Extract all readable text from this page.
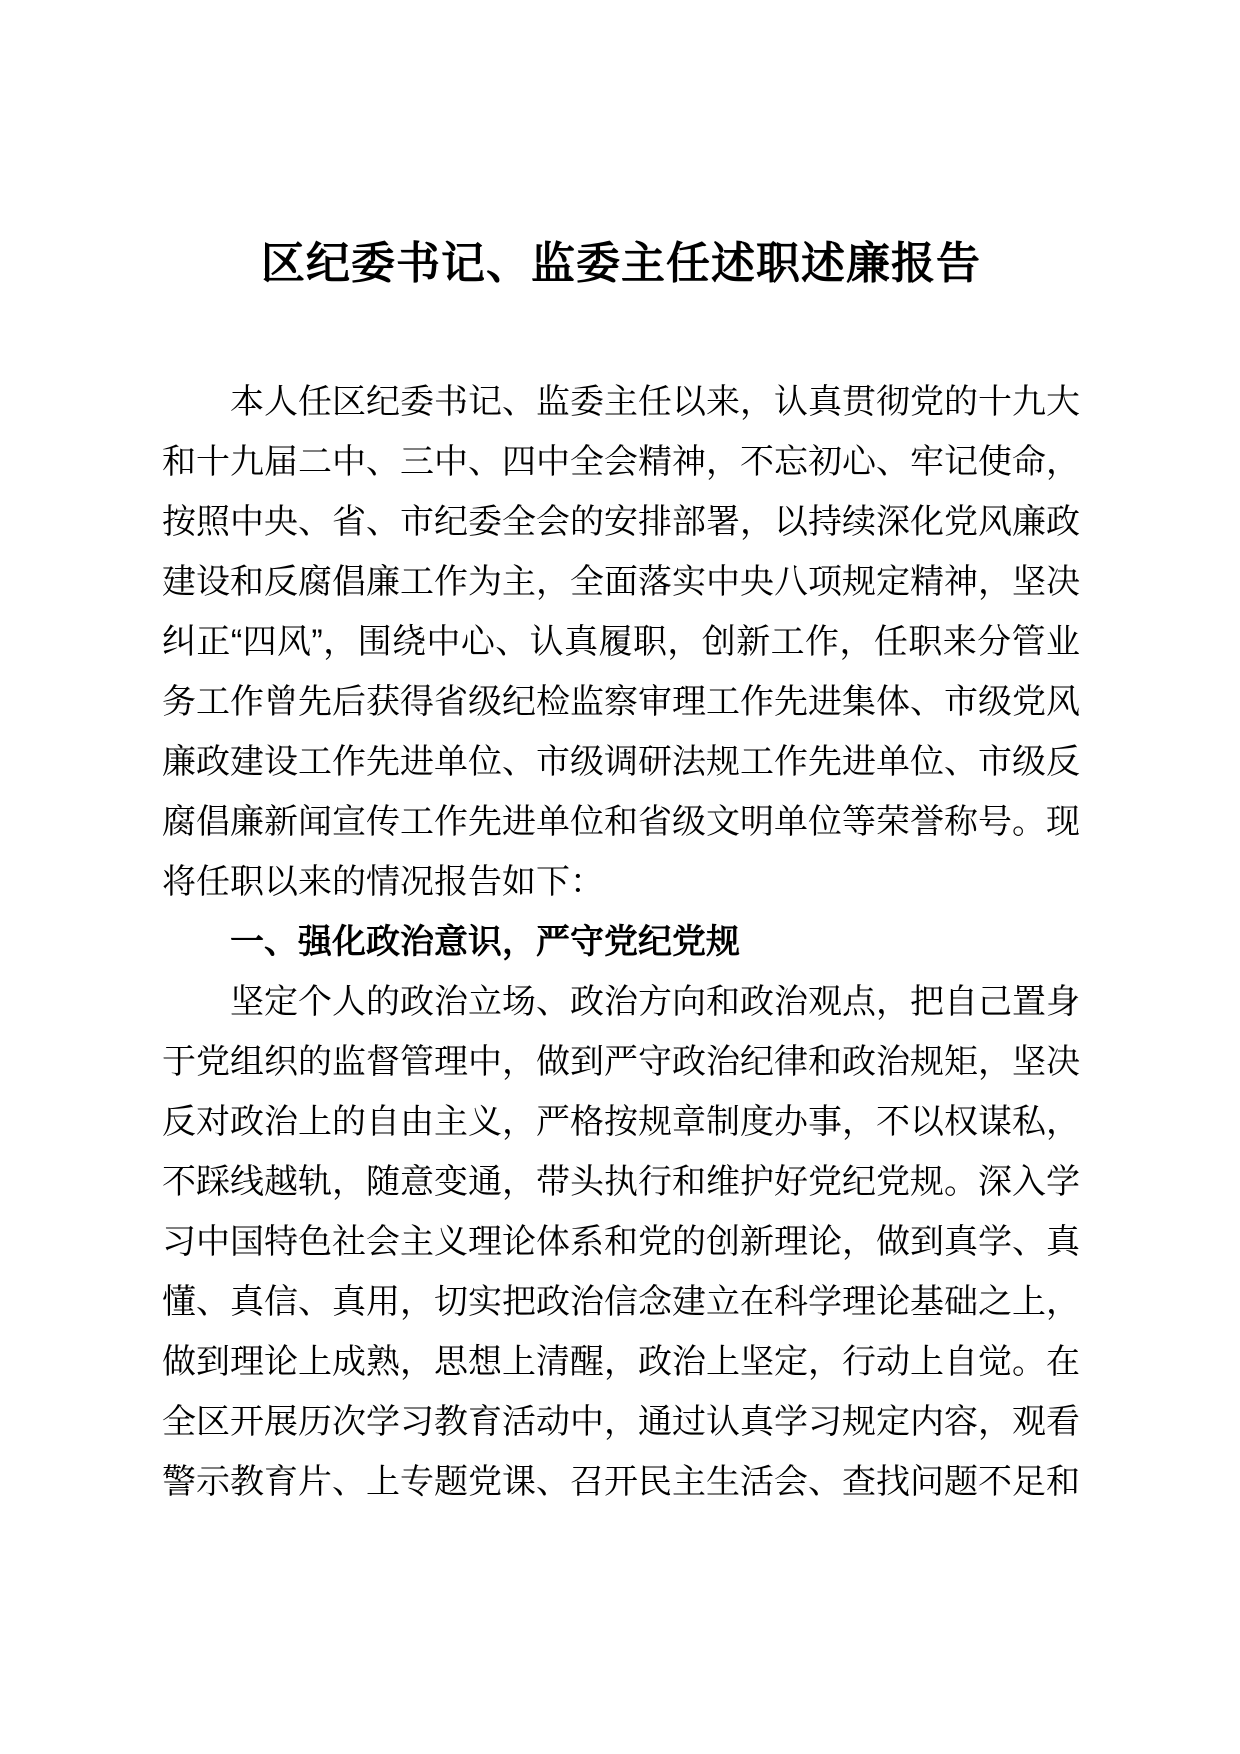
区纪委书记、监委主任述职述廉报告

本人任区纪委书记、监委主任以来，认真贯彻党的十九大和十九届二中、三中、四中全会精神，不忘初心、牢记使命，按照中央、省、市纪委全会的安排部署，以持续深化党风廉政建设和反腐倡廉工作为主，全面落实中央八项规定精神，坚决纠正“四风”，围绕中心、认真履职，创新工作，任职来分管业务工作曾先后获得省级纪检监察审理工作先进集体、市级党风廉政建设工作先进单位、市级调研法规工作先进单位、市级反腐倡廉新闻宣传工作先进单位和省级文明单位等荣誉称号。现将任职以来的情况报告如下：

一、强化政治意识，严守党纪党规

坚定个人的政治立场、政治方向和政治观点，把自己置身于党组织的监督管理中，做到严守政治纪律和政治规矩，坚决反对政治上的自由主义，严格按规章制度办事，不以权谋私，不踩线越轨，随意变通，带头执行和维护好党纪党规。深入学习中国特色社会主义理论体系和党的创新理论，做到真学、真懂、真信、真用，切实把政治信念建立在科学理论基础之上，做到理论上成熟，思想上清醒，政治上坚定，行动上自觉。在全区开展历次学习教育活动中，通过认真学习规定内容，观看警示教育片、上专题党课、召开民主生活会、查找问题不足和
